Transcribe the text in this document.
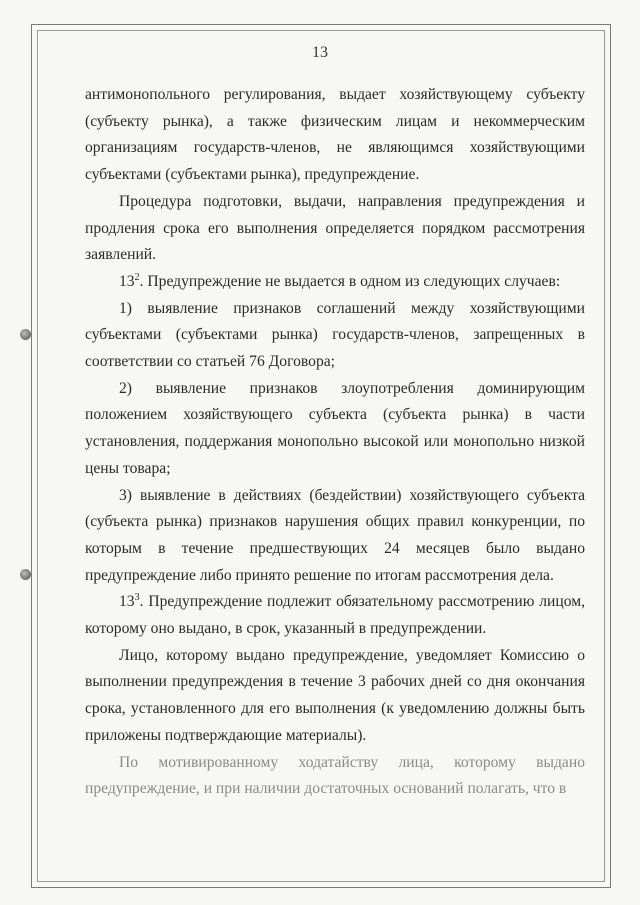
13

антимонопольного регулирования, выдает хозяйствующему субъекту (субъекту рынка), а также физическим лицам и некоммерческим организациям государств-членов, не являющимся хозяйствующими субъектами (субъектами рынка), предупреждение.

Процедура подготовки, выдачи, направления предупреждения и продления срока его выполнения определяется порядком рассмотрения заявлений.

$13^2$. Предупреждение не выдается в одном из следующих случаев:

1) выявление признаков соглашений между хозяйствующими субъектами (субъектами рынка) государств-членов, запрещенных в соответствии со статьей 76 Договора;

2) выявление признаков злоупотребления доминирующим положением хозяйствующего субъекта (субъекта рынка) в части установления, поддержания монопольно высокой или монопольно низкой цены товара;

3) выявление в действиях (бездействии) хозяйствующего субъекта (субъекта рынка) признаков нарушения общих правил конкуренции, по которым в течение предшествующих 24 месяцев было выдано предупреждение либо принято решение по итогам рассмотрения дела.

$13^3$. Предупреждение подлежит обязательному рассмотрению лицом, которому оно выдано, в срок, указанный в предупреждении.

Лицо, которому выдано предупреждение, уведомляет Комиссию о выполнении предупреждения в течение 3 рабочих дней со дня окончания срока, установленного для его выполнения (к уведомлению должны быть приложены подтверждающие материалы).

По мотивированному ходатайству лица, которому выдано предупреждение, и при наличии достаточных оснований полагать, что в
